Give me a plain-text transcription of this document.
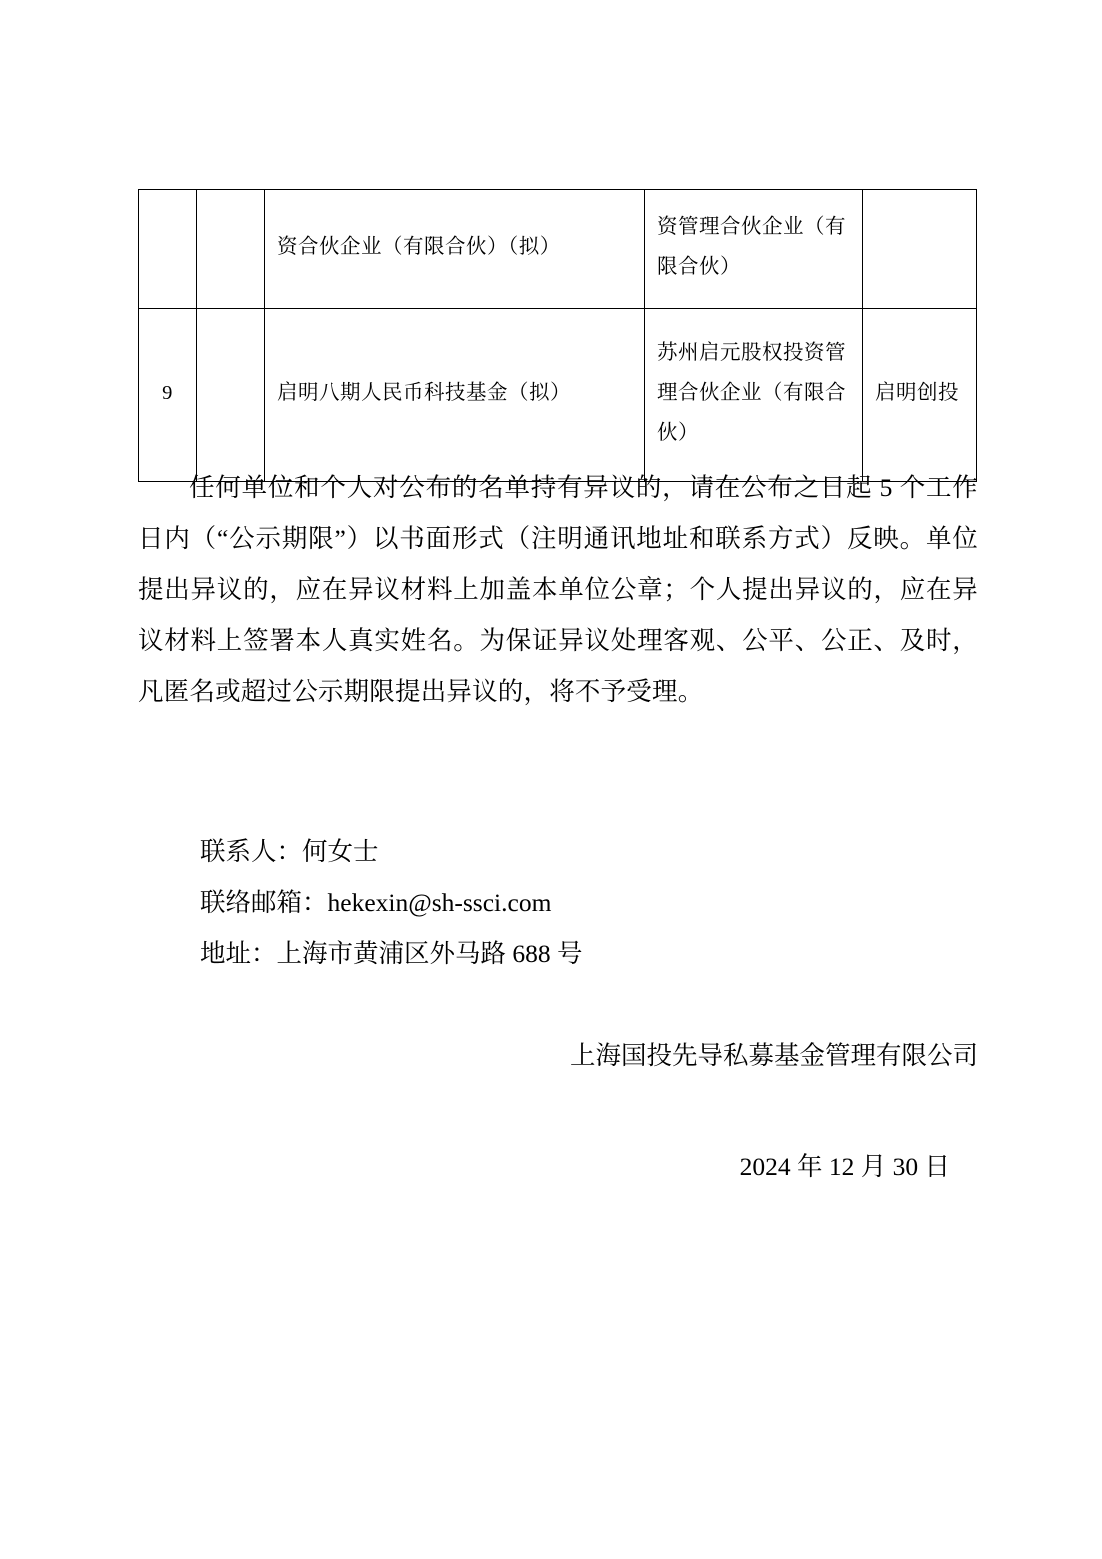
		资合伙企业（有限合伙）（拟）	资管理合伙企业（有限合伙）	
9		启明八期人民币科技基金（拟）	苏州启元股权投资管理合伙企业（有限合伙）	启明创投

任何单位和个人对公布的名单持有异议的，请在公布之日起 5 个工作日内（“公示期限”）以书面形式（注明通讯地址和联系方式）反映。单位提出异议的，应在异议材料上加盖本单位公章；个人提出异议的，应在异议材料上签署本人真实姓名。为保证异议处理客观、公平、公正、及时，凡匿名或超过公示期限提出异议的，将不予受理。

联系人：何女士
联络邮箱：hekexin@sh-ssci.com
地址：上海市黄浦区外马路 688 号
上海国投先导私募基金管理有限公司
2024 年 12 月 30 日
